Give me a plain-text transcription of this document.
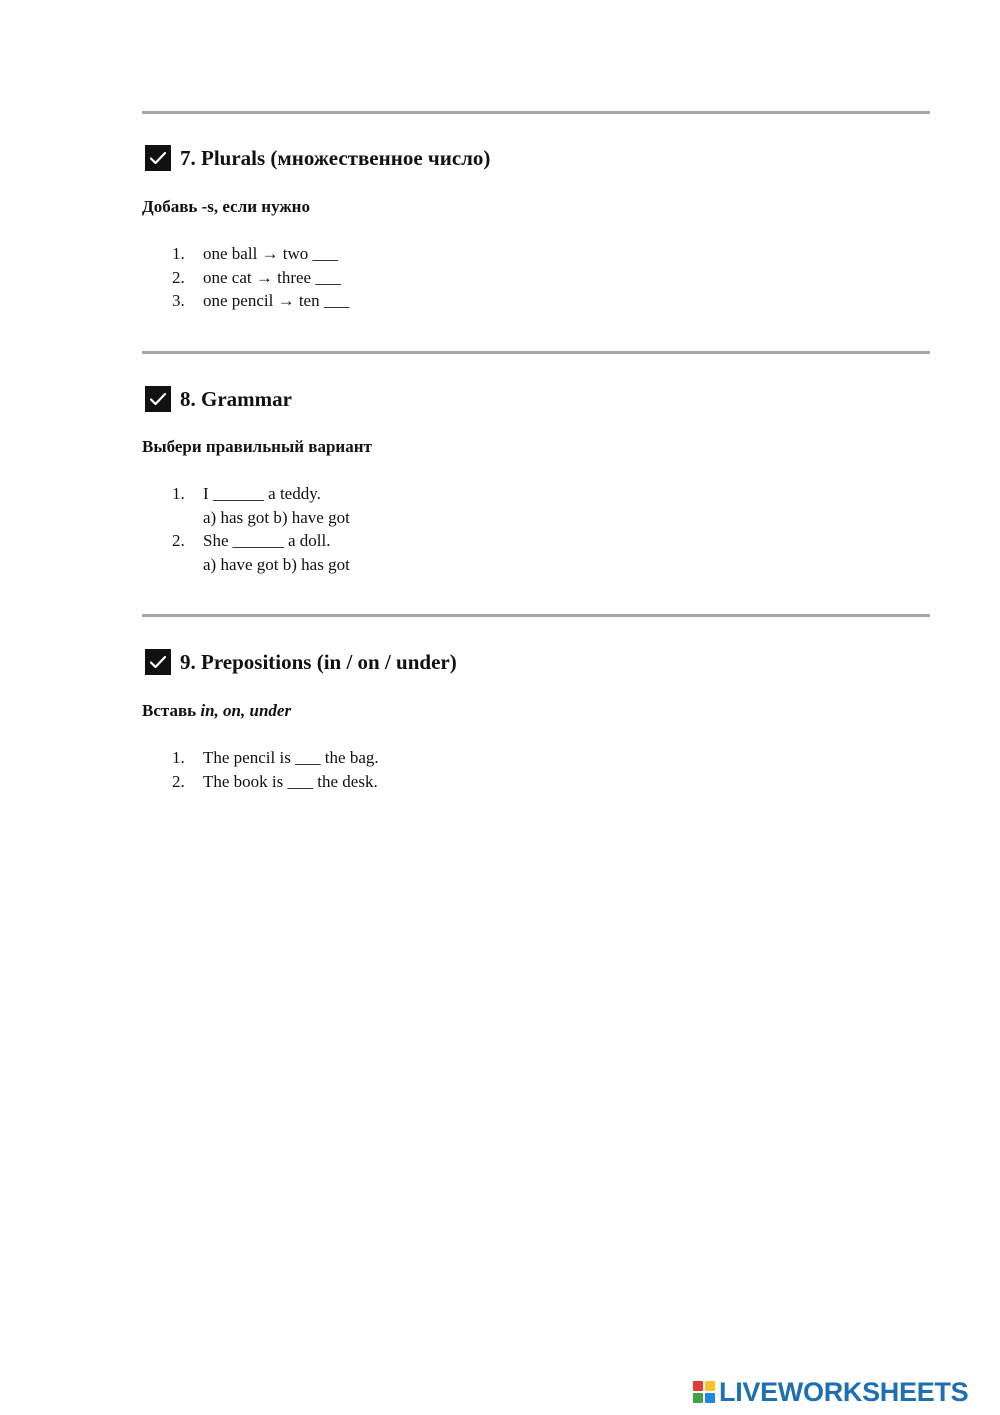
7. Plurals (множественное число)
Добавь -s, если нужно
1.	one ball → two ___
2.	one cat → three ___
3.	one pencil → ten ___
8. Grammar
Выбери правильный вариант
1.	I ______ a teddy.
a) has got b) have got
2.	She ______ a doll.
a) have got b) has got
9. Prepositions (in / on / under)
Вставь in, on, under
1.	The pencil is ___ the bag.
2.	The book is ___ the desk.
LIVEWORKSHEETS
